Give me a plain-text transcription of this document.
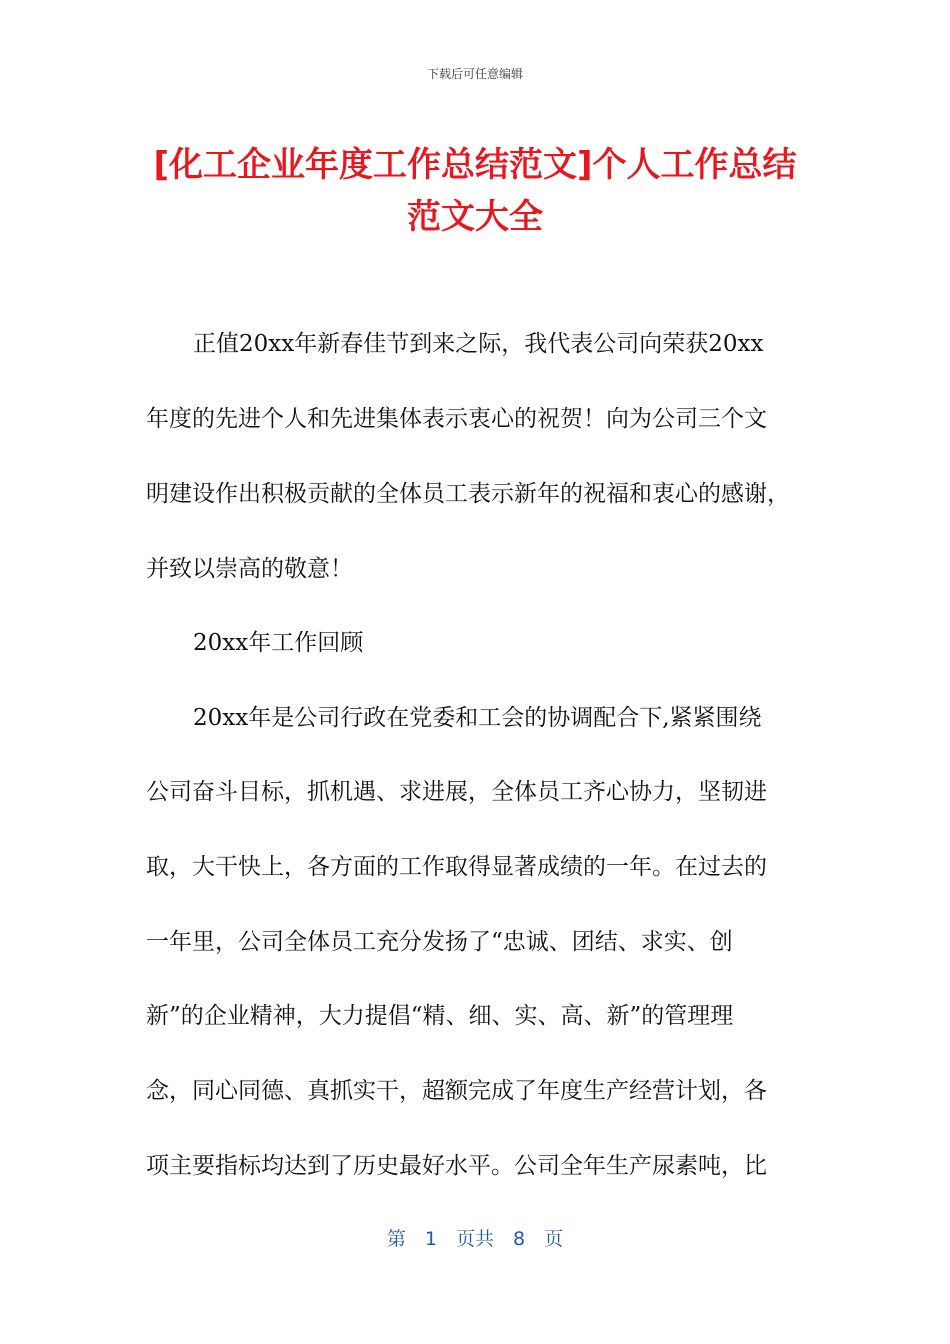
下载后可任意编辑
[化工企业年度工作总结范文]个人工作总结
范文大全
正值20xx年新春佳节到来之际，我代表公司向荣获20xx
年度的先进个人和先进集体表示衷心的祝贺！向为公司三个文
明建设作出积极贡献的全体员工表示新年的祝福和衷心的感谢，
并致以崇高的敬意！
20xx年工作回顾
20xx年是公司行政在党委和工会的协调配合下,紧紧围绕
公司奋斗目标，抓机遇、求进展，全体员工齐心协力，坚韧进
取，大干快上，各方面的工作取得显著成绩的一年。在过去的
一年里，公司全体员工充分发扬了“忠诚、团结、求实、创
新”的企业精神，大力提倡“精、细、实、高、新”的管理理
念，同心同德、真抓实干，超额完成了年度生产经营计划，各
项主要指标均达到了历史最好水平。公司全年生产尿素吨，比
第　1　页共　8　页
